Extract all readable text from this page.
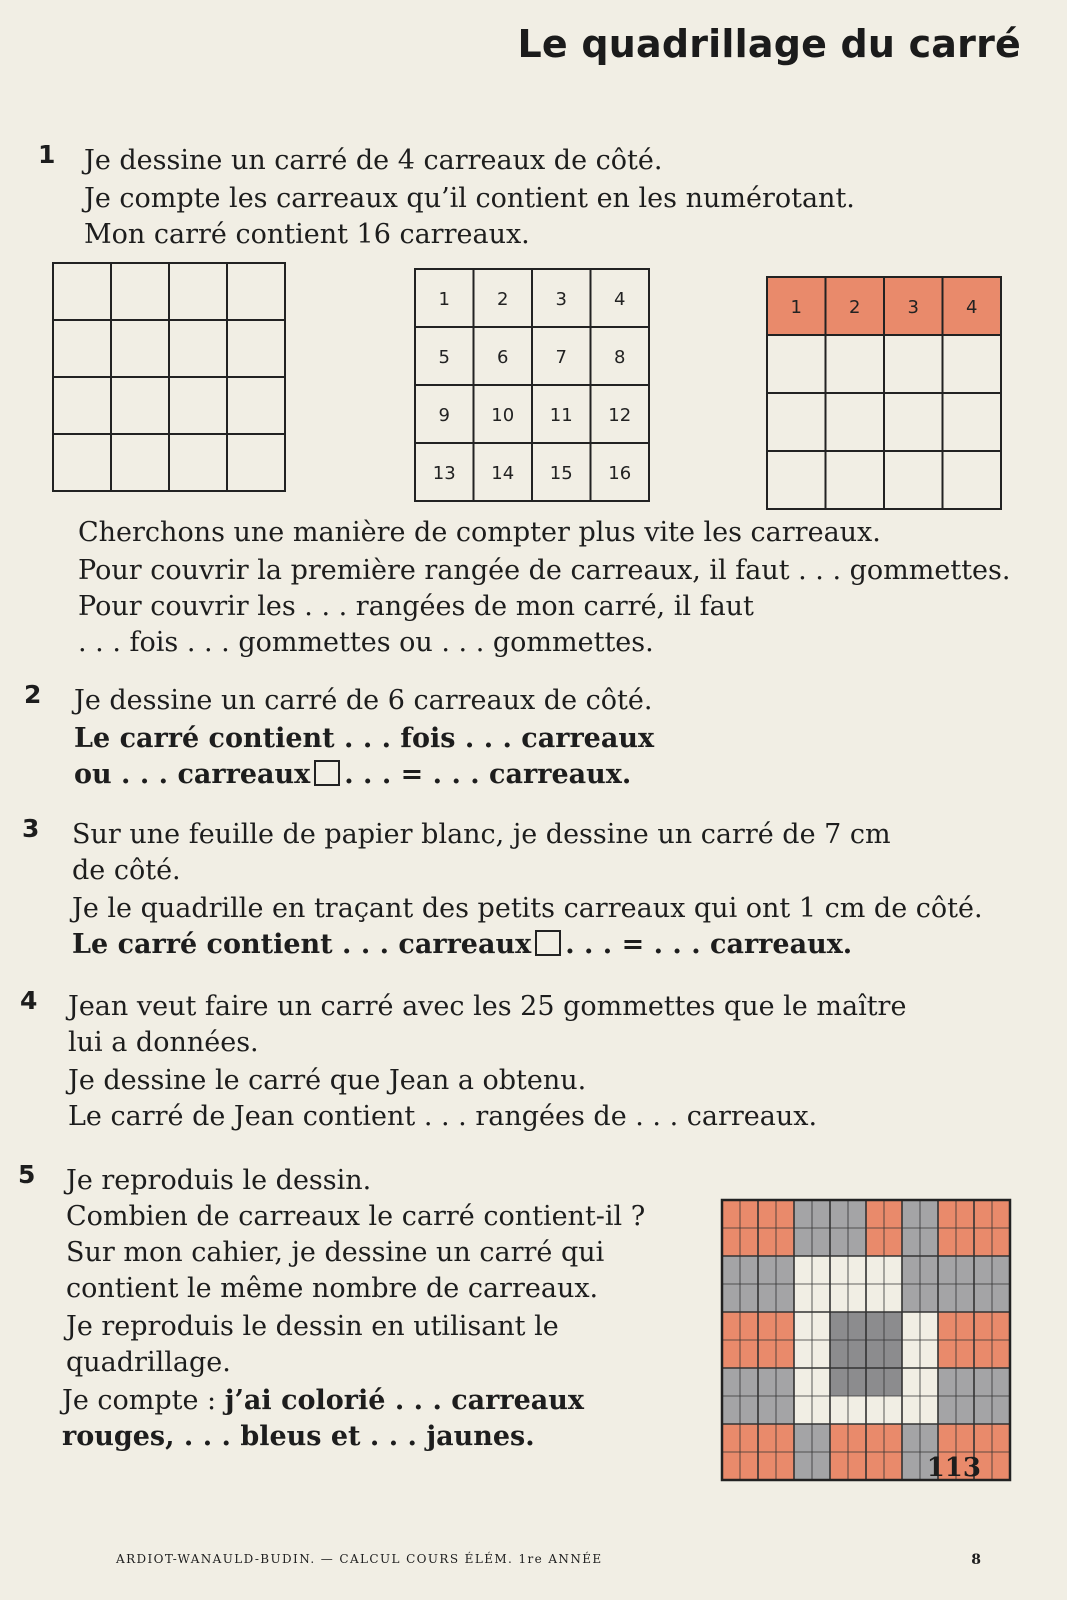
Le quadrillage du carré
1 Je dessine un carré de 4 carreaux de côté.
Je compte les carreaux qu’il contient en les numérotant.
Mon carré contient 16 carreaux.
1	2	3	4
5	6	7	8
9 10 11 12
13 14 15 16
1	2	3	4
Cherchons une manière de compter plus vite les carreaux.
Pour couvrir la première rangée de carreaux, il faut . . . gommettes.
Pour couvrir les . . . rangées de mon carré, il faut
. . . fois . . . gommettes ou . . . gommettes.
2 Je dessine un carré de 6 carreaux de côté.
Le carré contient . . . fois . . . carreaux
ou . . . carreaux . . . = . . . carreaux.
3 Sur une feuille de papier blanc, je dessine un carré de 7 cm
de côté.
Je le quadrille en traçant des petits carreaux qui ont 1 cm de côté.
Le carré contient . . . carreaux . . . = . . . carreaux.
4 Jean veut faire un carré avec les 25 gommettes que le maître
lui a données.
Je dessine le carré que Jean a obtenu.
Le carré de Jean contient . . . rangées de . . . carreaux.
5 Je reproduis le dessin.
Combien de carreaux le carré contient-il ?
Sur mon cahier, je dessine un carré qui
contient le même nombre de carreaux.
Je reproduis le dessin en utilisant le
quadrillage.
Je compte : j’ai colorié . . . carreaux
rouges, . . . bleus et . . . jaunes.
113
ARDIOT-WANAULD-BUDIN. — CALCUL COURS ÉLÉM. 1re ANNÉE	8
